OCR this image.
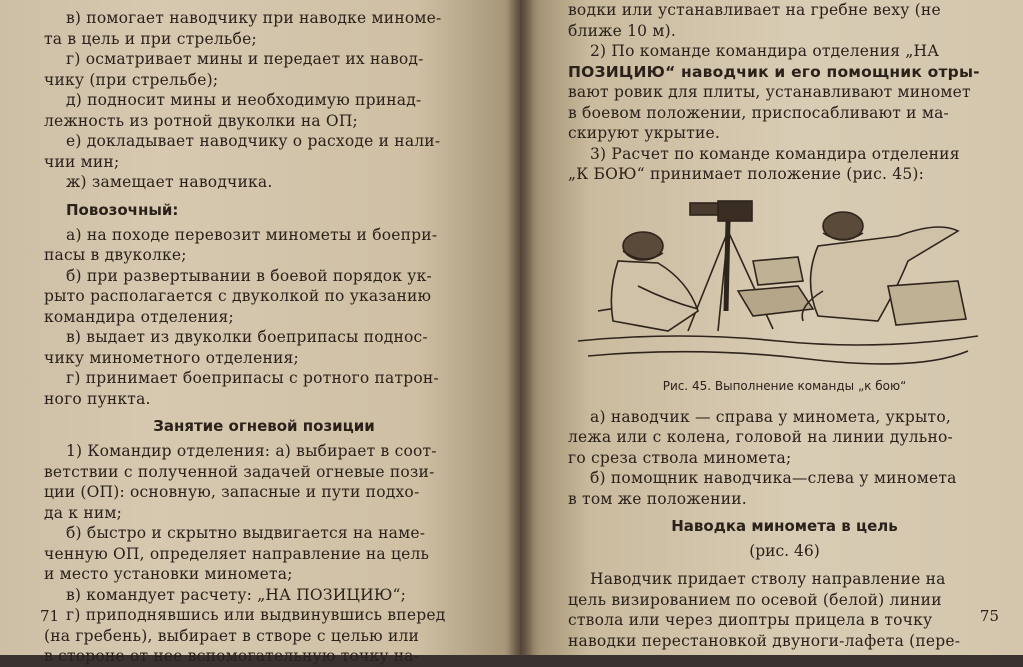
в) помогает наводчику при наводке миноме-
та в цель и при стрельбе;
г) осматривает мины и передает их навод-
чику (при стрельбе);
д) подносит мины и необходимую принад-
лежность из ротной двуколки на ОП;
е) докладывает наводчику о расходе и нали-
чии мин;
ж) замещает наводчика.
Повозочный:
а) на походе перевозит минометы и боепри-
пасы в двуколке;
б) при развертывании в боевой порядок ук-
рыто располагается с двуколкой по указанию
командира отделения;
в) выдает из двуколки боеприпасы поднос-
чику минометного отделения;
г) принимает боеприпасы с ротного патрон-
ного пункта.
Занятие огневой позиции
1) Командир отделения: а) выбирает в соот-
ветствии с полученной задачей огневые пози-
ции (ОП): основную, запасные и пути подхо-
да к ним;
б) быстро и скрытно выдвигается на наме-
ченную ОП, определяет направление на цель
и место установки миномета;
в) командует расчету: „НА ПОЗИЦИЮ“;
г) приподнявшись или выдвинувшись вперед
(на гребень), выбирает в створе с целью или
в стороне от нее вспомогательную точку на-
71
водки или устанавливает на гребне веху (не
ближе 10 м).
2) По команде командира отделения „НА
ПОЗИЦИЮ“ наводчик и его помощник отры-
вают ровик для плиты, устанавливают миномет
в боевом положении, приспосабливают и ма-
скируют укрытие.
3) Расчет по команде командира отделения
„К БОЮ“ принимает положение (рис. 45):
Рис. 45. Выполнение команды „к бою“
а) наводчик — справа у миномета, укрыто,
лежа или с колена, головой на линии дульно-
го среза ствола миномета;
б) помощник наводчика—слева у миномета
в том же положении.
Наводка миномета в цель
(рис. 46)
Наводчик придает стволу направление на
цель визированием по осевой (белой) линии
ствола или через диоптры прицела в точку
наводки перестановкой двуноги-лафета (пере-
75
